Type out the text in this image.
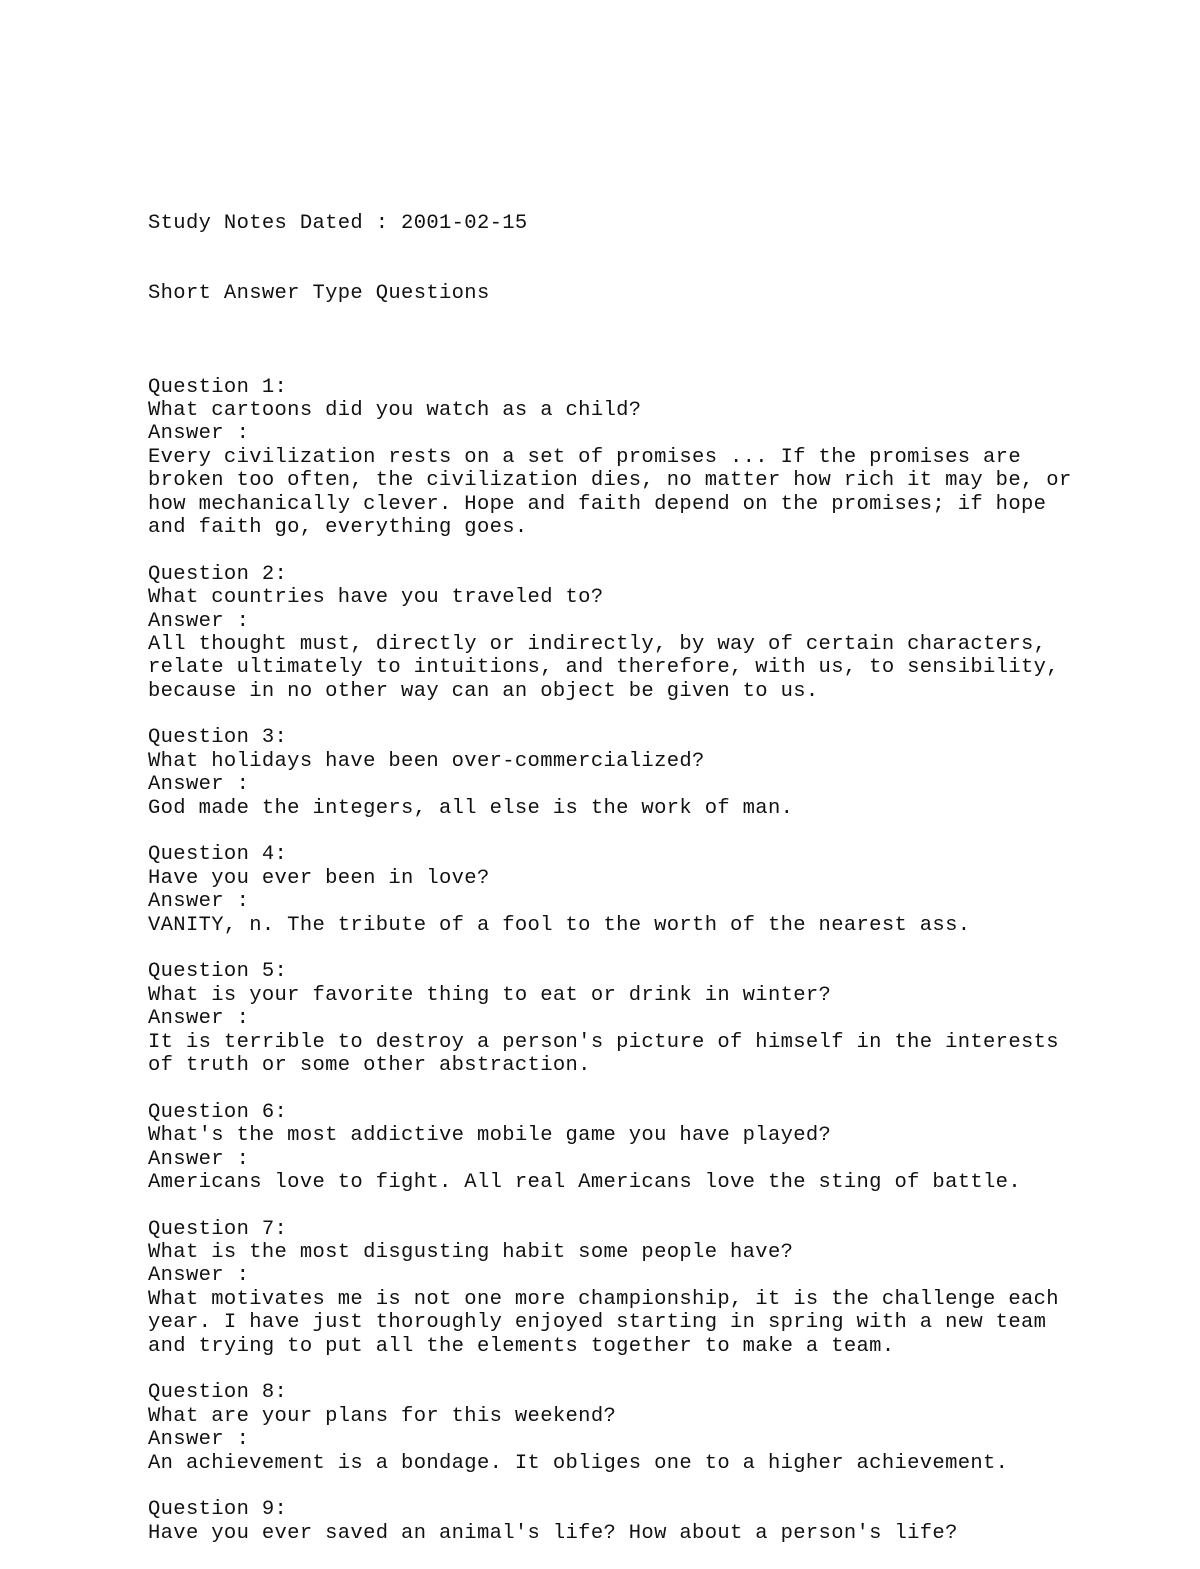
Study Notes Dated : 2001-02-15

Short Answer Type Questions

Question 1:
What cartoons did you watch as a child?
Answer :
Every civilization rests on a set of promises ... If the promises are
broken too often, the civilization dies, no matter how rich it may be, or
how mechanically clever. Hope and faith depend on the promises; if hope
and faith go, everything goes.
Question 2:
What countries have you traveled to?
Answer :
All thought must, directly or indirectly, by way of certain characters,
relate ultimately to intuitions, and therefore, with us, to sensibility,
because in no other way can an object be given to us.
Question 3:
What holidays have been over-commercialized?
Answer :
God made the integers, all else is the work of man.
Question 4:
Have you ever been in love?
Answer :
VANITY, n. The tribute of a fool to the worth of the nearest ass.
Question 5:
What is your favorite thing to eat or drink in winter?
Answer :
It is terrible to destroy a person's picture of himself in the interests
of truth or some other abstraction.
Question 6:
What's the most addictive mobile game you have played?
Answer :
Americans love to fight. All real Americans love the sting of battle.
Question 7:
What is the most disgusting habit some people have?
Answer :
What motivates me is not one more championship, it is the challenge each
year. I have just thoroughly enjoyed starting in spring with a new team
and trying to put all the elements together to make a team.
Question 8:
What are your plans for this weekend?
Answer :
An achievement is a bondage. It obliges one to a higher achievement.
Question 9:
Have you ever saved an animal's life? How about a person's life?
